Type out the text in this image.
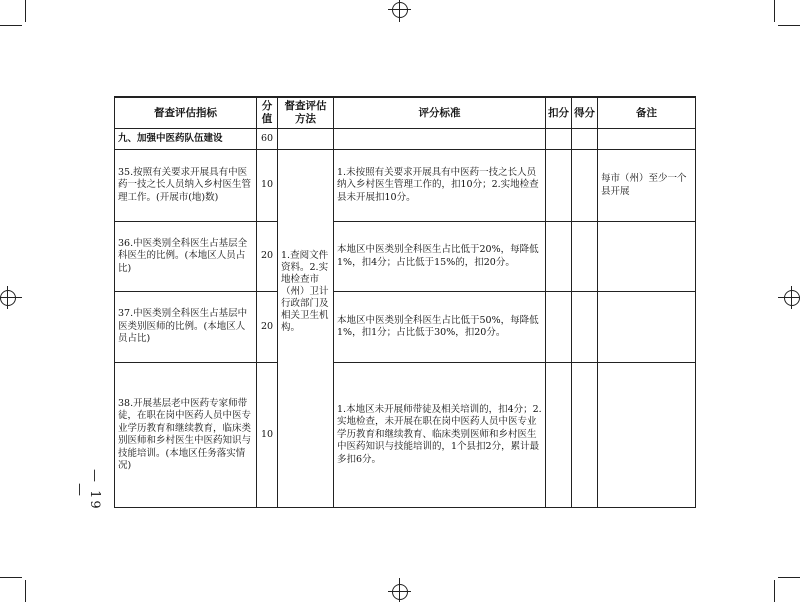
— 19 —
督查评估指标	分值	督查评估方法	评分标准	扣分	得分	备注
九、加强中医药队伍建设	60					
35.按照有关要求开展具有中医药一技之长人员纳入乡村医生管理工作。(开展市(地)数)	10		1.未按照有关要求开展具有中医药一技之长人员纳入乡村医生管理工作的，扣10分；2.实地检查县未开展扣10分。			每市（州）至少一个县开展
36.中医类别全科医生占基层全科医生的比例。(本地区人员占比)	20	1.查阅文件资料。2.实地检查市（州）卫计行政部门及相关卫生机构。	本地区中医类别全科医生占比低于20%，每降低1%，扣4分；占比低于15%的，扣20分。			
37.中医类别全科医生占基层中医类别医师的比例。(本地区人员占比)	20		本地区中医类别全科医生占比低于50%，每降低1%，扣1分；占比低于30%，扣20分。			
38.开展基层老中医药专家师带徒，在职在岗中医药人员中医专业学历教育和继续教育，临床类别医师和乡村医生中医药知识与技能培训。(本地区任务落实情况)	10		1.本地区未开展师带徒及相关培训的，扣4分；2.实地检查，未开展在职在岗中医药人员中医专业学历教育和继续教育、临床类别医师和乡村医生中医药知识与技能培训的，1个县扣2分，累计最多扣6分。			
